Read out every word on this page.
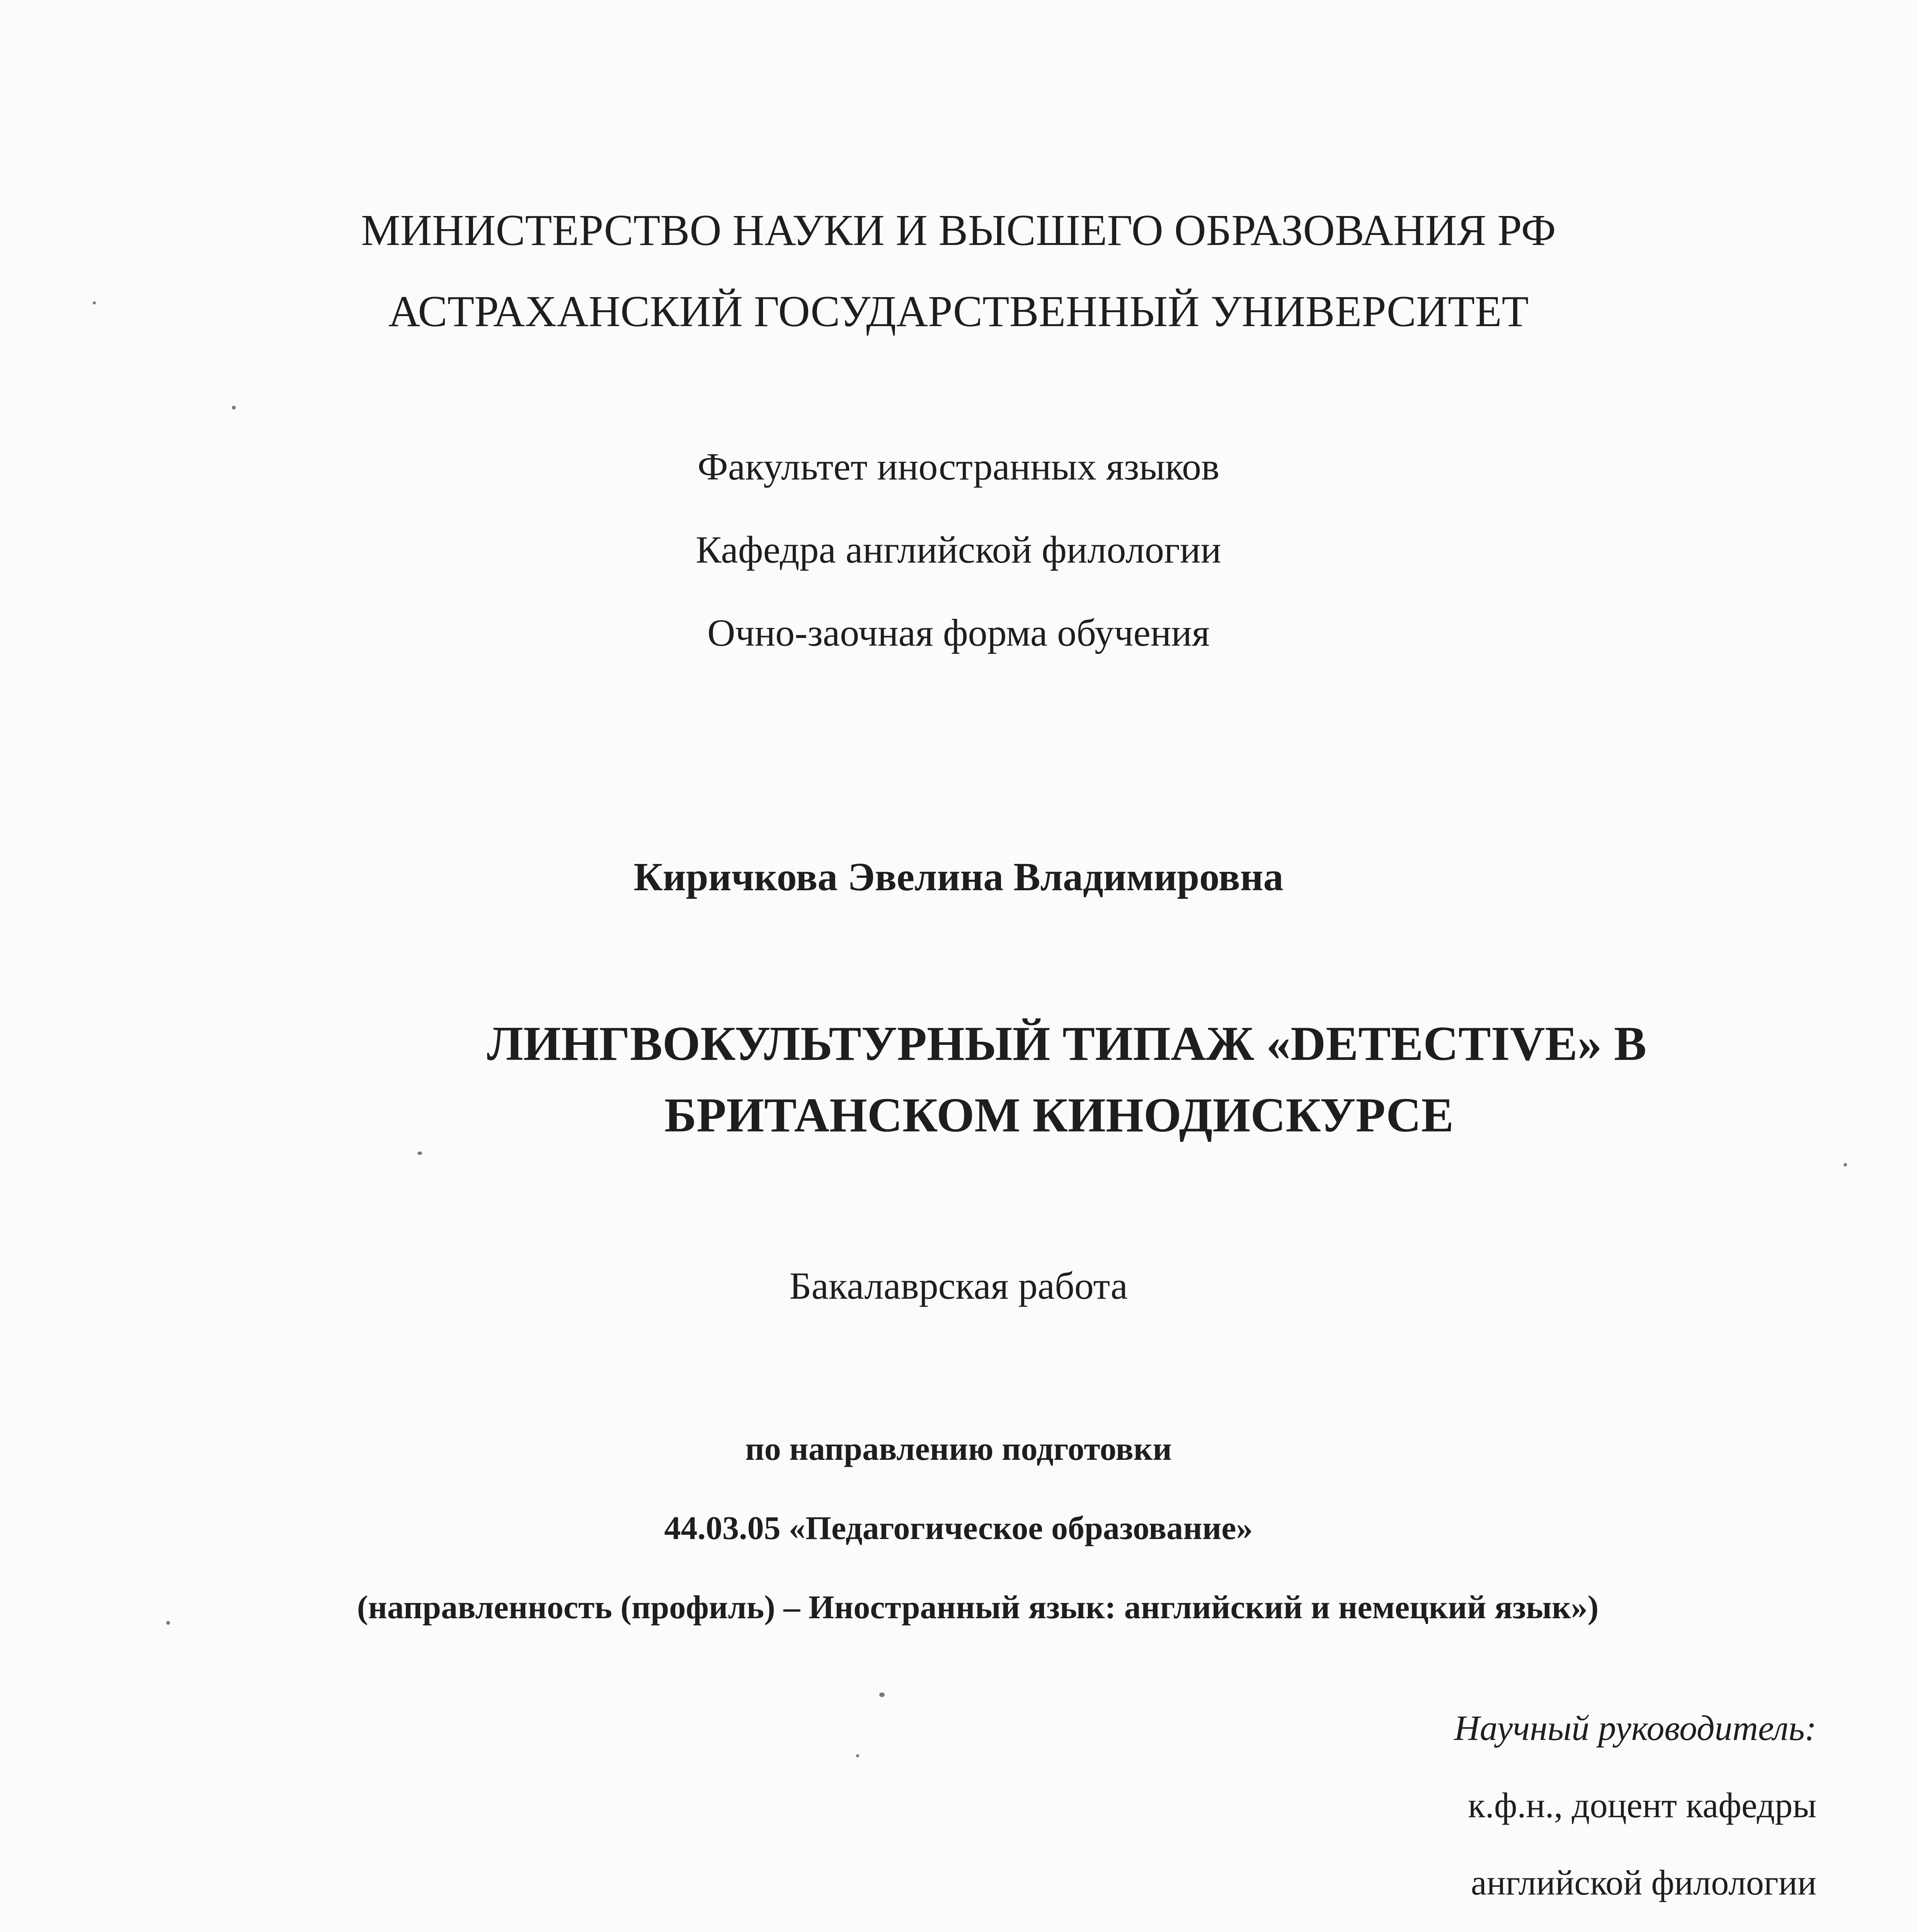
МИНИСТЕРСТВО НАУКИ И ВЫСШЕГО ОБРАЗОВАНИЯ РФ
АСТРАХАНСКИЙ ГОСУДАРСТВЕННЫЙ УНИВЕРСИТЕТ
Факультет иностранных языков
Кафедра английской филологии
Очно-заочная форма обучения
Киричкова Эвелина Владимировна
ЛИНГВОКУЛЬТУРНЫЙ ТИПАЖ «DETECTIVE» В
БРИТАНСКОМ КИНОДИСКУРСЕ
Бакалаврская работа
по направлению подготовки
44.03.05 «Педагогическое образование»
(направленность (профиль) – Иностранный язык: английский и немецкий язык»)
Научный руководитель:
к.ф.н., доцент кафедры
английской филологии
